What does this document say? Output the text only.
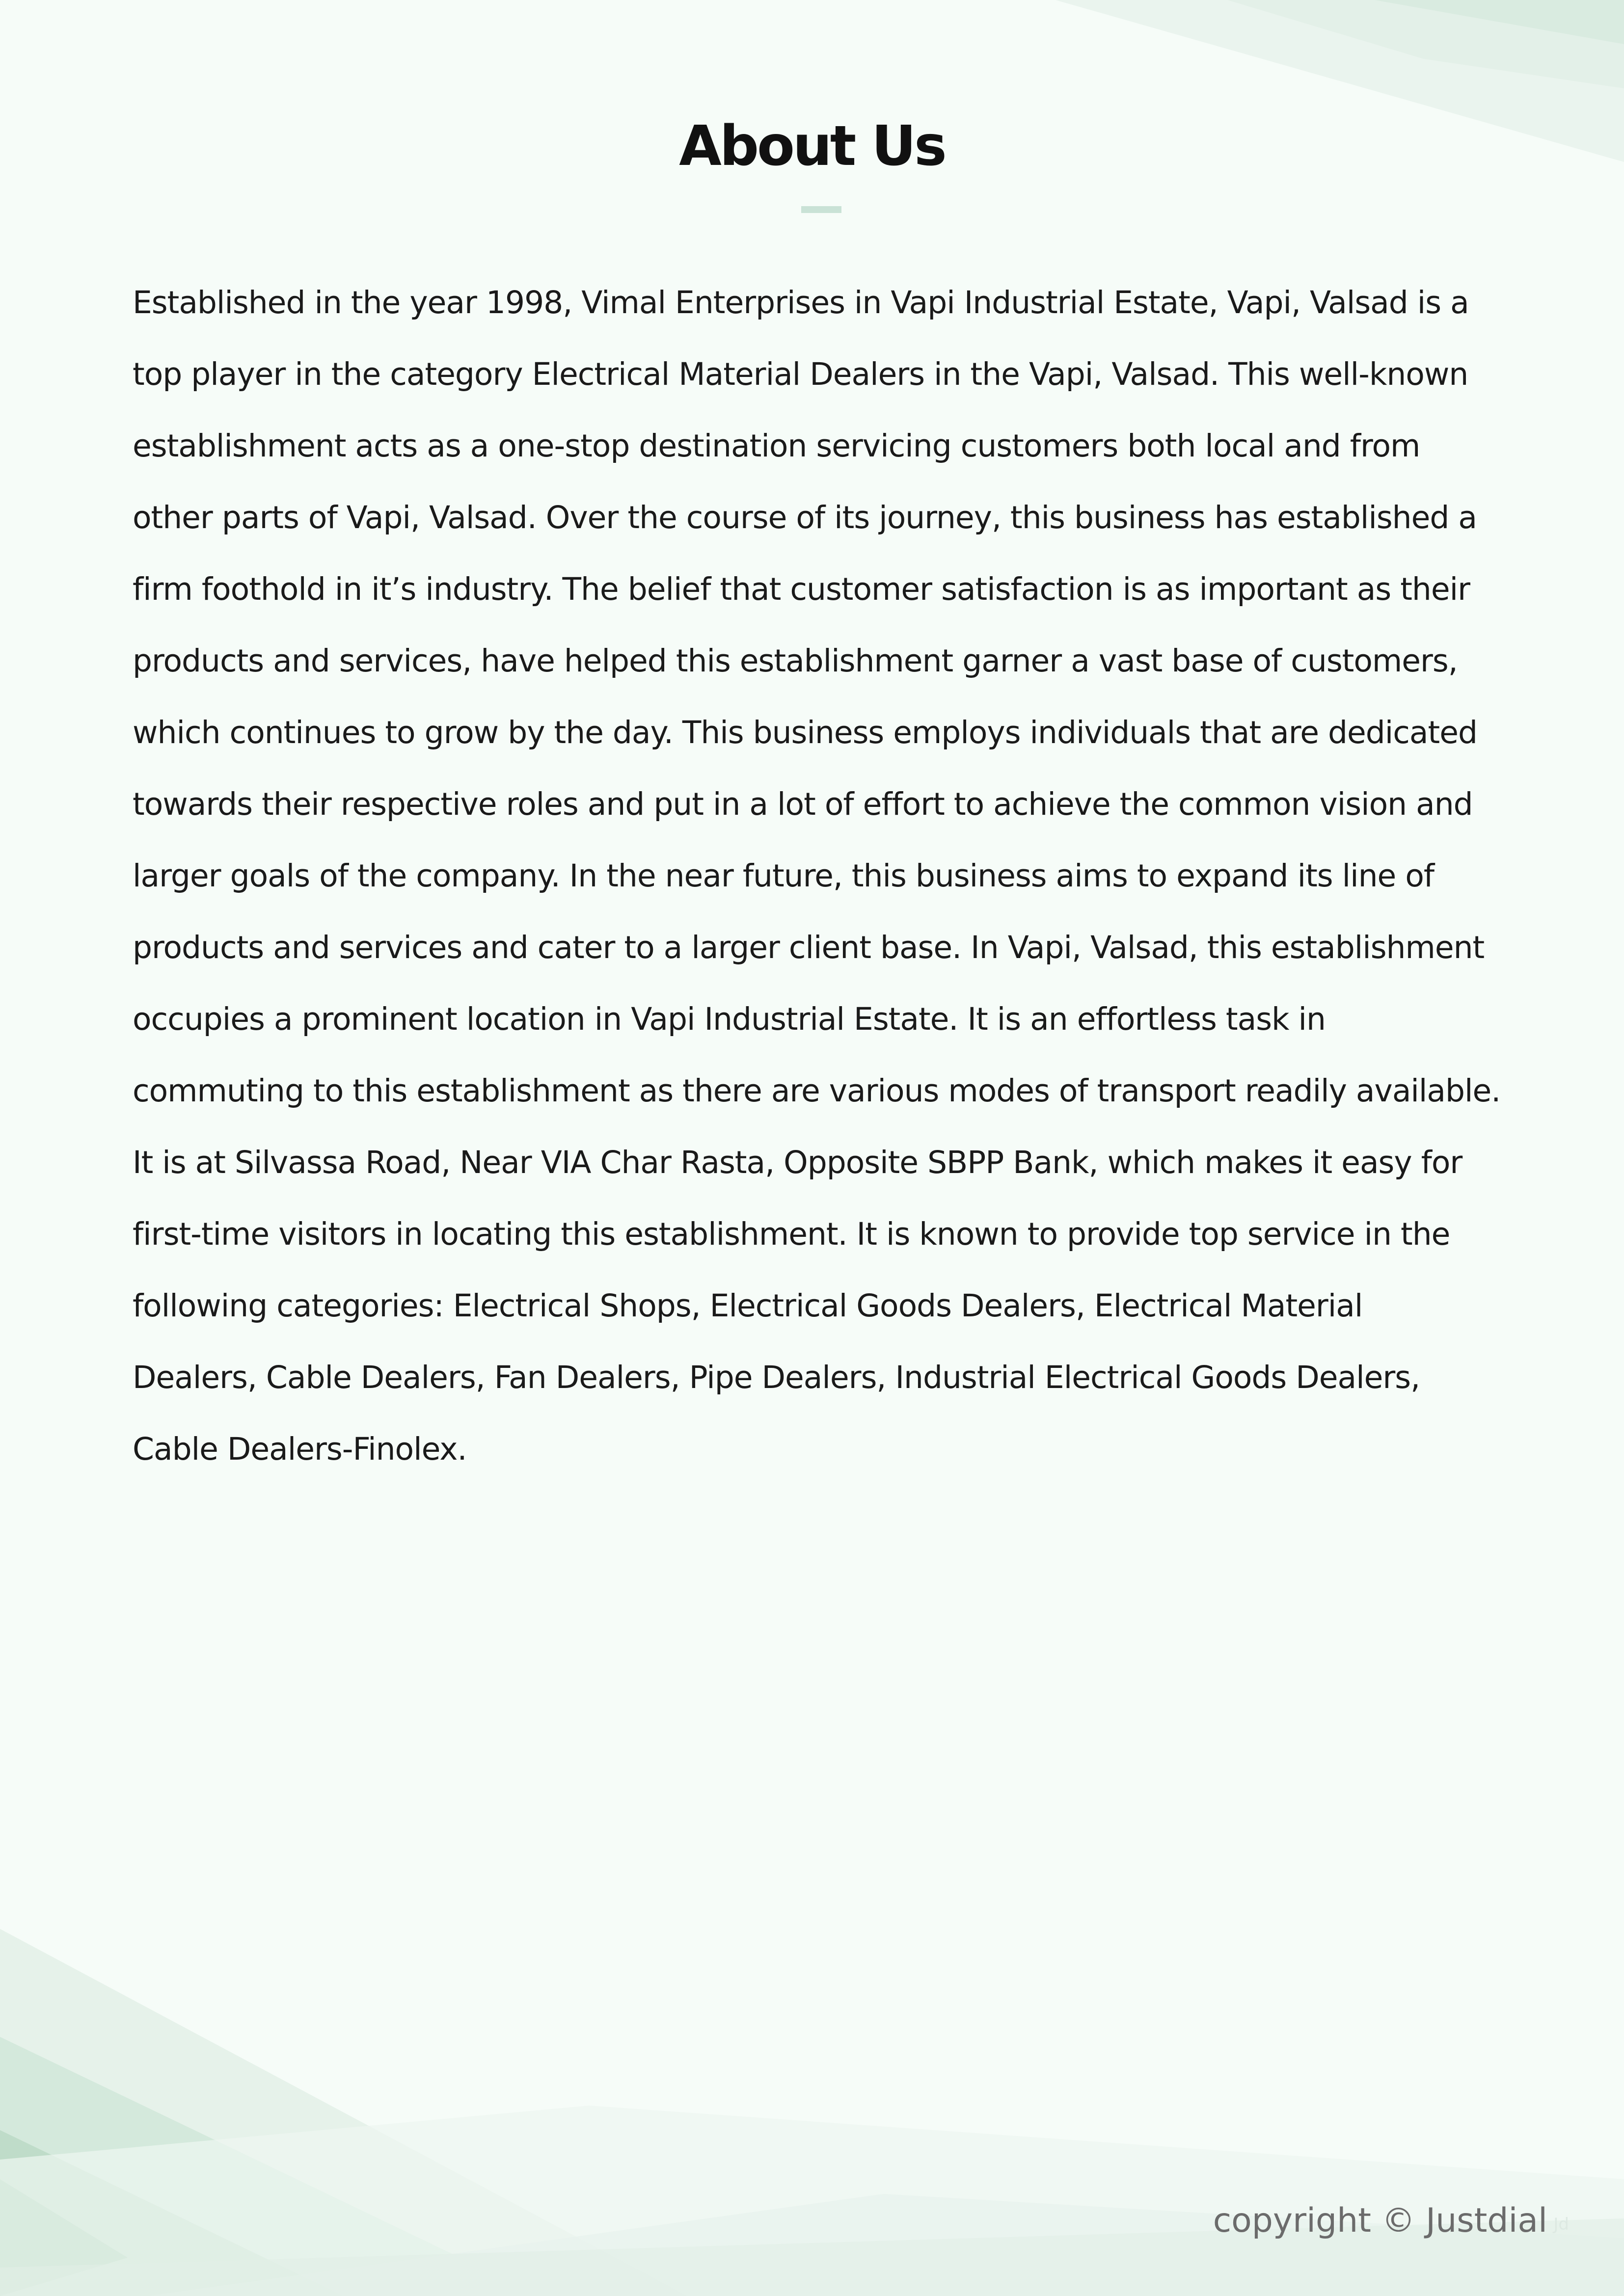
About Us

Established in the year 1998, Vimal Enterprises in Vapi Industrial Estate, Vapi, Valsad is a
top player in the category Electrical Material Dealers in the Vapi, Valsad. This well-known
establishment acts as a one-stop destination servicing customers both local and from
other parts of Vapi, Valsad. Over the course of its journey, this business has established a
firm foothold in it’s industry. The belief that customer satisfaction is as important as their
products and services, have helped this establishment garner a vast base of customers,
which continues to grow by the day. This business employs individuals that are dedicated
towards their respective roles and put in a lot of effort to achieve the common vision and
larger goals of the company. In the near future, this business aims to expand its line of
products and services and cater to a larger client base. In Vapi, Valsad, this establishment
occupies a prominent location in Vapi Industrial Estate. It is an effortless task in
commuting to this establishment as there are various modes of transport readily available.
It is at Silvassa Road, Near VIA Char Rasta, Opposite SBPP Bank, which makes it easy for
first-time visitors in locating this establishment. It is known to provide top service in the
following categories: Electrical Shops, Electrical Goods Dealers, Electrical Material
Dealers, Cable Dealers, Fan Dealers, Pipe Dealers, Industrial Electrical Goods Dealers,
Cable Dealers-Finolex.

copyright © Justdial Jd
